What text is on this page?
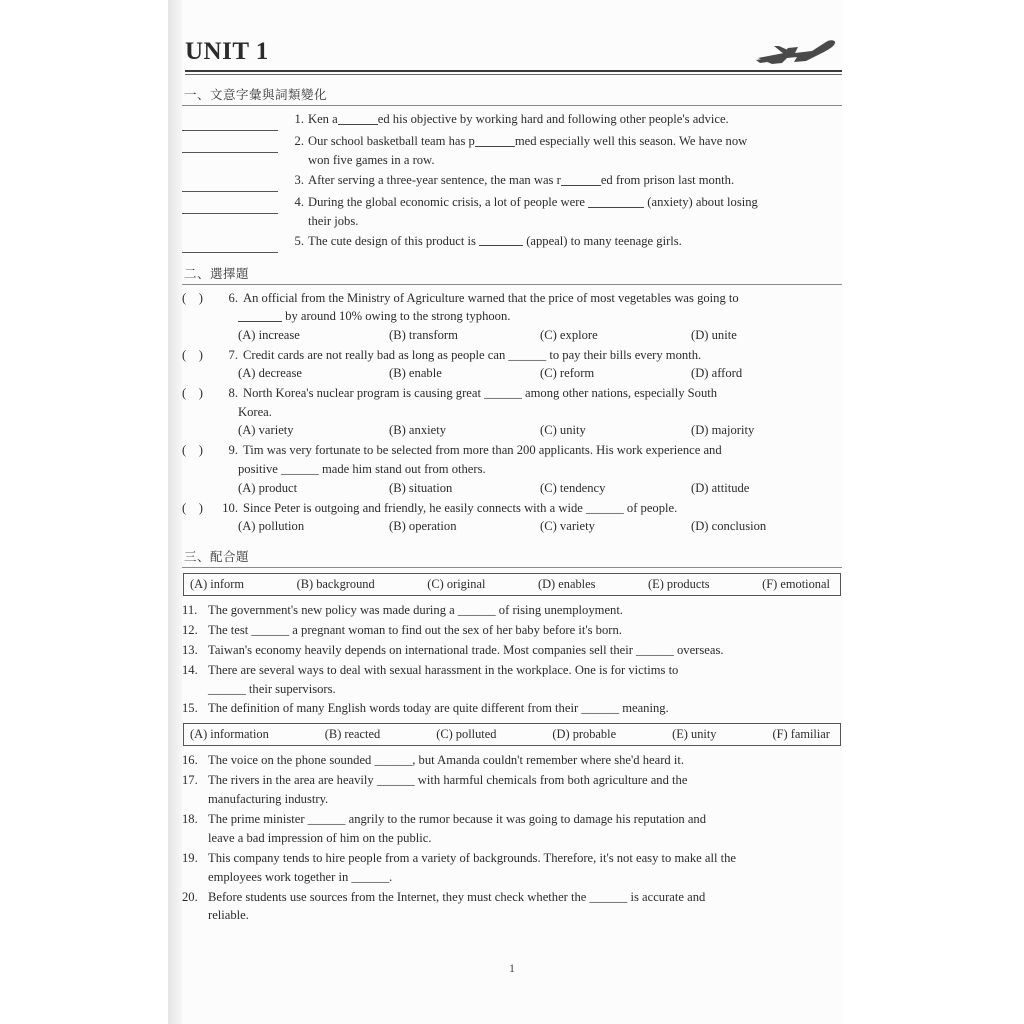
UNIT 1
一、文意字彙與詞類變化
1. Ken a	ed his objective by working hard and following other people's advice.
2. Our school basketball team has p	med especially well this season. We have now
won five games in a row.
3. After serving a three-year sentence, the man was r	ed from prison last month.
4. During the global economic crisis, a lot of people were	(anxiety) about losing
their jobs.
5. The cute design of this product is	(appeal) to many teenage girls.
二、選擇題
(    )	6. An official from the Ministry of Agriculture warned that the price of most vegetables was going to
by around 10% owing to the strong typhoon.
(A) increase	(B) transform	(C) explore	(D) unite
(    )	7. Credit cards are not really bad as long as people can ______ to pay their bills every month.
(A) decrease	(B) enable	(C) reform	(D) afford
(    )	8. North Korea's nuclear program is causing great ______ among other nations, especially South
Korea.
(A) variety	(B) anxiety	(C) unity	(D) majority
(    )	9. Tim was very fortunate to be selected from more than 200 applicants. His work experience and
positive ______ made him stand out from others.
(A) product	(B) situation	(C) tendency	(D) attitude
(    )	10. Since Peter is outgoing and friendly, he easily connects with a wide ______ of people.
(A) pollution	(B) operation	(C) variety	(D) conclusion
三、配合題
(A) inform	(B) background	(C) original	(D) enables	(E) products	(F) emotional
11. The government's new policy was made during a ______ of rising unemployment.
12. The test ______ a pregnant woman to find out the sex of her baby before it's born.
13. Taiwan's economy heavily depends on international trade. Most companies sell their ______ overseas.
14. There are several ways to deal with sexual harassment in the workplace. One is for victims to
______ their supervisors.
15. The definition of many English words today are quite different from their ______ meaning.
(A) information	(B) reacted	(C) polluted	(D) probable	(E) unity	(F) familiar
16. The voice on the phone sounded ______, but Amanda couldn't remember where she'd heard it.
17. The rivers in the area are heavily ______ with harmful chemicals from both agriculture and the
manufacturing industry.
18. The prime minister ______ angrily to the rumor because it was going to damage his reputation and
leave a bad impression of him on the public.
19. This company tends to hire people from a variety of backgrounds. Therefore, it's not easy to make all the
employees work together in ______.
20. Before students use sources from the Internet, they must check whether the ______ is accurate and
reliable.
1
